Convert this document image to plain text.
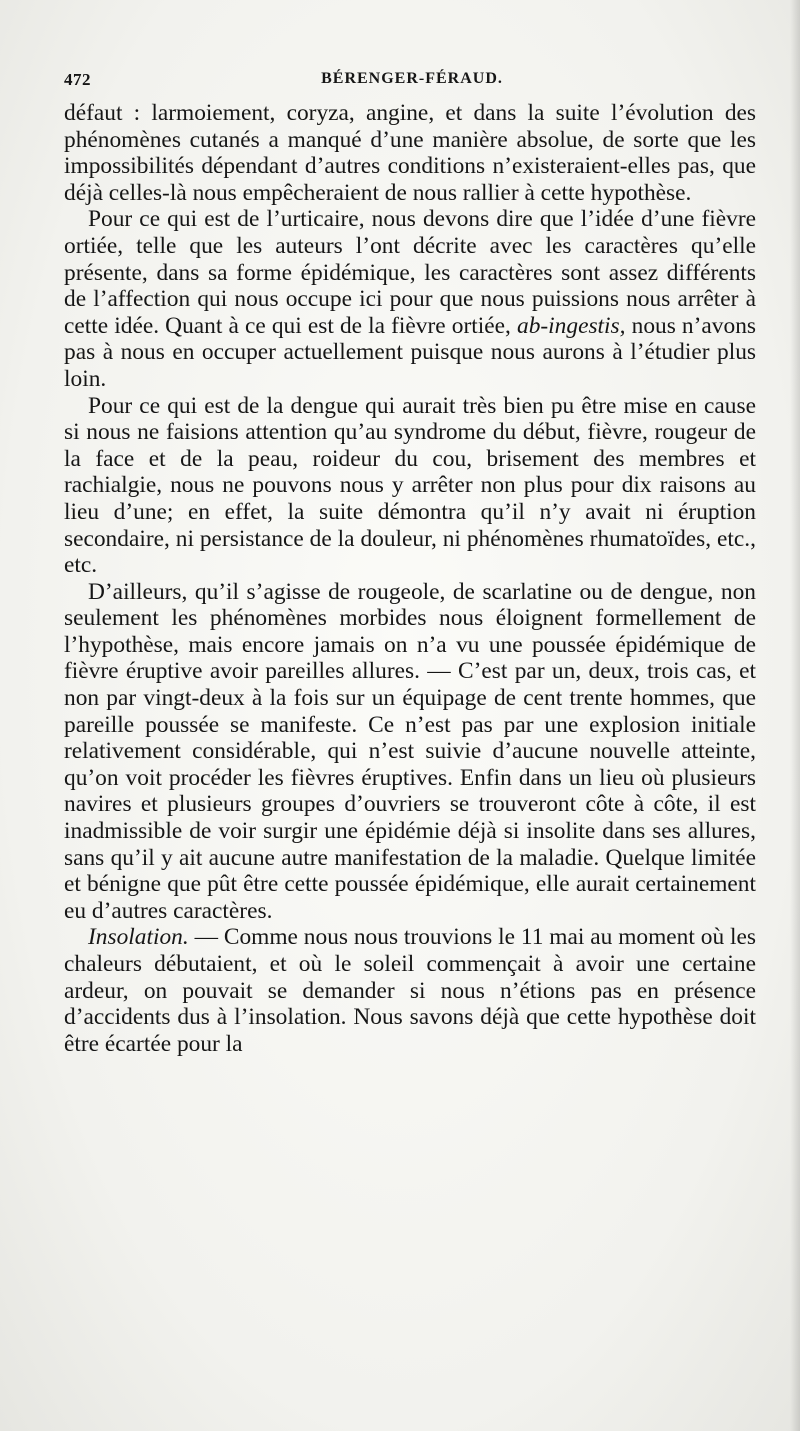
472	BÉRENGER-FÉRAUD.

défaut : larmoiement, coryza, angine, et dans la suite l’évolution des phénomènes cutanés a manqué d’une manière absolue, de sorte que les impossibilités dépendant d’autres conditions n’existeraient-elles pas, que déjà celles-là nous empêcheraient de nous rallier à cette hypothèse.

Pour ce qui est de l’urticaire, nous devons dire que l’idée d’une fièvre ortiée, telle que les auteurs l’ont décrite avec les caractères qu’elle présente, dans sa forme épidémique, les caractères sont assez différents de l’affection qui nous occupe ici pour que nous puissions nous arrêter à cette idée. Quant à ce qui est de la fièvre ortiée, ab-ingestis, nous n’avons pas à nous en occuper actuellement puisque nous aurons à l’étudier plus loin.

Pour ce qui est de la dengue qui aurait très bien pu être mise en cause si nous ne faisions attention qu’au syndrome du début, fièvre, rougeur de la face et de la peau, roideur du cou, brisement des membres et rachialgie, nous ne pouvons nous y arrêter non plus pour dix raisons au lieu d’une; en effet, la suite démontra qu’il n’y avait ni éruption secondaire, ni persistance de la douleur, ni phénomènes rhumatoïdes, etc., etc.

D’ailleurs, qu’il s’agisse de rougeole, de scarlatine ou de dengue, non seulement les phénomènes morbides nous éloignent formellement de l’hypothèse, mais encore jamais on n’a vu une poussée épidémique de fièvre éruptive avoir pareilles allures. — C’est par un, deux, trois cas, et non par vingt-deux à la fois sur un équipage de cent trente hommes, que pareille poussée se manifeste. Ce n’est pas par une explosion initiale relativement considérable, qui n’est suivie d’aucune nouvelle atteinte, qu’on voit procéder les fièvres éruptives. Enfin dans un lieu où plusieurs navires et plusieurs groupes d’ouvriers se trouveront côte à côte, il est inadmissible de voir surgir une épidémie déjà si insolite dans ses allures, sans qu’il y ait aucune autre manifestation de la maladie. Quelque limitée et bénigne que pût être cette poussée épidémique, elle aurait certainement eu d’autres caractères.

Insolation. — Comme nous nous trouvions le 11 mai au moment où les chaleurs débutaient, et où le soleil commençait à avoir une certaine ardeur, on pouvait se demander si nous n’étions pas en présence d’accidents dus à l’insolation. Nous savons déjà que cette hypothèse doit être écartée pour la
